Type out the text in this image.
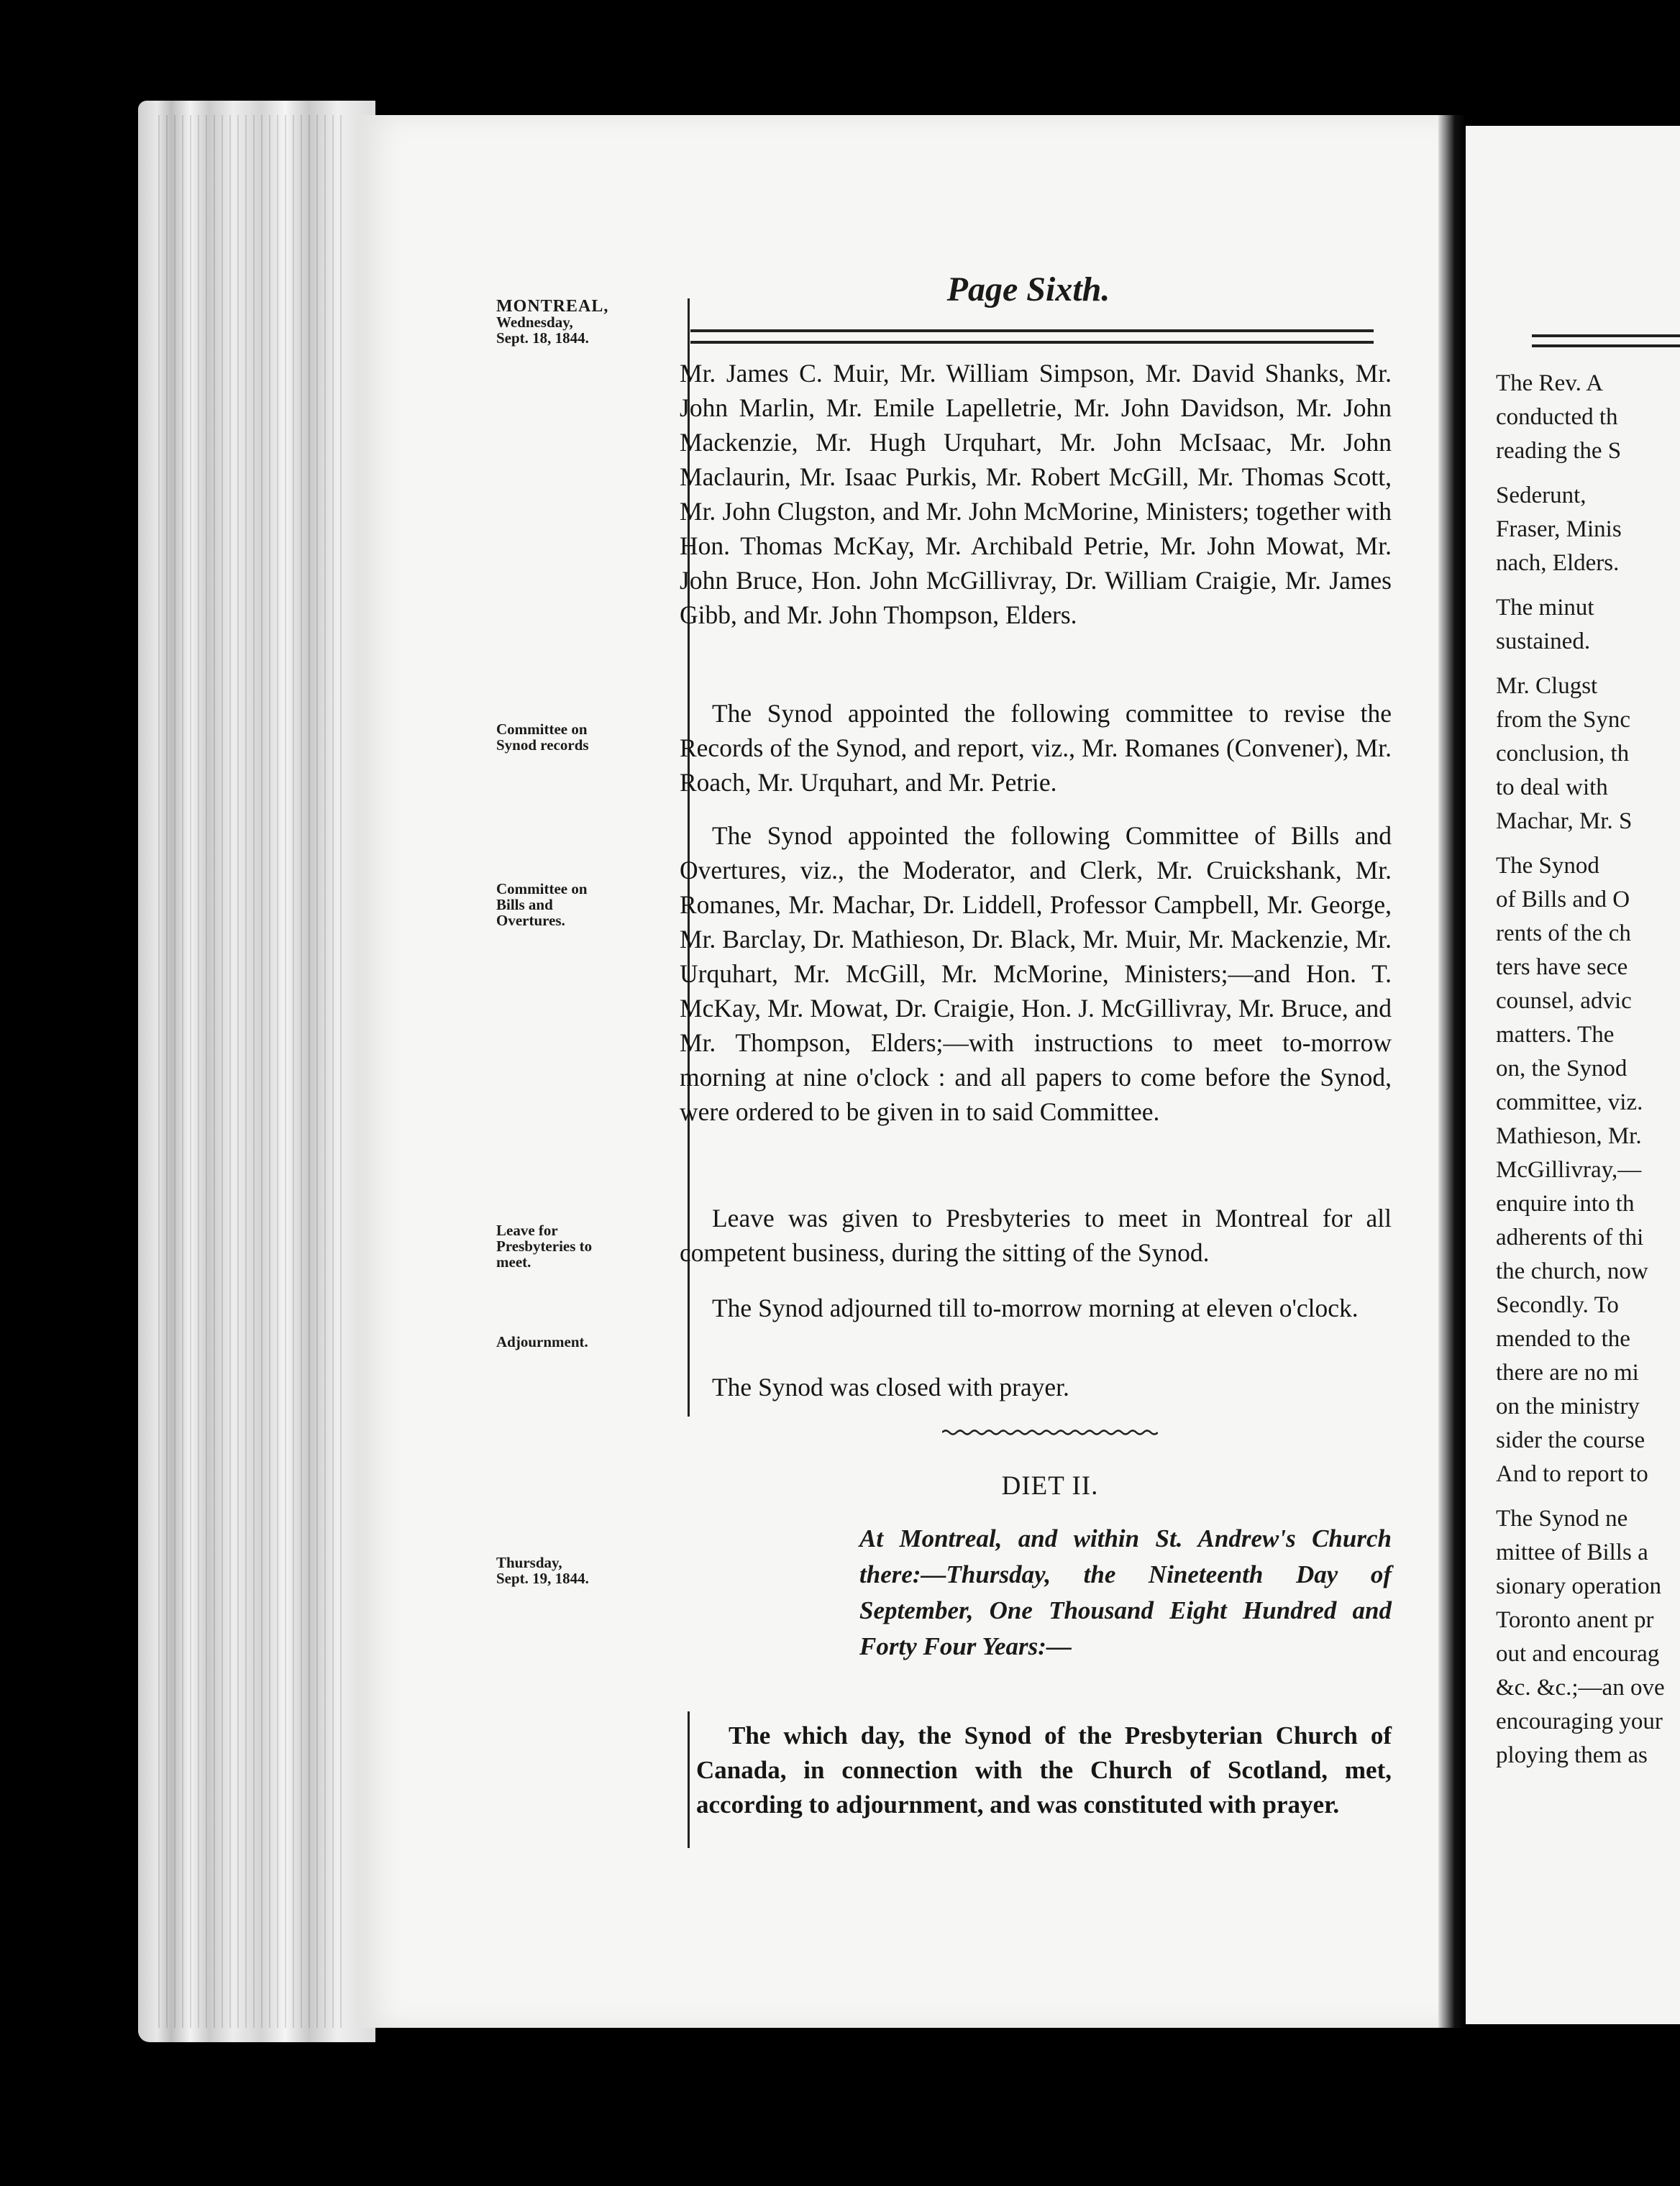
MONTREAL,
Wednesday,
Sept. 18, 1844.
Committee on
Synod records
Committee on
Bills and
Overtures.
Leave for
Presbyteries to
meet.
Adjournment.
Thursday,
Sept. 19, 1844.
Page Sixth.

Mr. James C. Muir, Mr. William Simpson, Mr. David Shanks, Mr. John Marlin, Mr. Emile Lapelletrie, Mr. John Davidson, Mr. John Mackenzie, Mr. Hugh Urquhart, Mr. John McIsaac, Mr. John Maclaurin, Mr. Isaac Purkis, Mr. Robert McGill, Mr. Thomas Scott, Mr. John Clugston, and Mr. John McMorine, Ministers; together with Hon. Thomas McKay, Mr. Archibald Petrie, Mr. John Mowat, Mr. John Bruce, Hon. John McGillivray, Dr. William Craigie, Mr. James Gibb, and Mr. John Thompson, Elders.

The Synod appointed the following committee to revise the Records of the Synod, and report, viz., Mr. Romanes (Convener), Mr. Roach, Mr. Urquhart, and Mr. Petrie.

The Synod appointed the following Committee of Bills and Overtures, viz., the Moderator, and Clerk, Mr. Cruickshank, Mr. Romanes, Mr. Machar, Dr. Liddell, Professor Campbell, Mr. George, Mr. Barclay, Dr. Mathieson, Dr. Black, Mr. Muir, Mr. Mackenzie, Mr. Urquhart, Mr. McGill, Mr. McMorine, Ministers;—and Hon. T. McKay, Mr. Mowat, Dr. Craigie, Hon. J. McGillivray, Mr. Bruce, and Mr. Thompson, Elders;—with instructions to meet to-morrow morning at nine o'clock : and all papers to come before the Synod, were ordered to be given in to said Committee.

Leave was given to Presbyteries to meet in Montreal for all competent business, during the sitting of the Synod.

The Synod adjourned till to-morrow morning at eleven o'clock.

The Synod was closed with prayer.

DIET II.
At Montreal, and within St. Andrew's Church there:—Thursday, the Nineteenth Day of September, One Thousand Eight Hundred and Forty Four Years:—

The which day, the Synod of the Presbyterian Church of Canada, in connection with the Church of Scotland, met, according to adjournment, and was constituted with prayer.

The Rev. A
conducted th
reading the S
Sederunt,
Fraser, Minis
nach, Elders.
The minut
sustained.
Mr. Clugst
from the Sync
conclusion, th
to deal with
Machar, Mr. S
The Synod
of Bills and O
rents of the ch
ters have sece
counsel, advic
matters. The
on, the Synod
committee, viz.
Mathieson, Mr.
McGillivray,—
enquire into th
adherents of thi
the church, now
Secondly. To
mended to the
there are no mi
on the ministry
sider the course
And to report to
The Synod ne
mittee of Bills a
sionary operation
Toronto anent pr
out and encourag
&c. &c.;—an ove
encouraging your
ploying them as
